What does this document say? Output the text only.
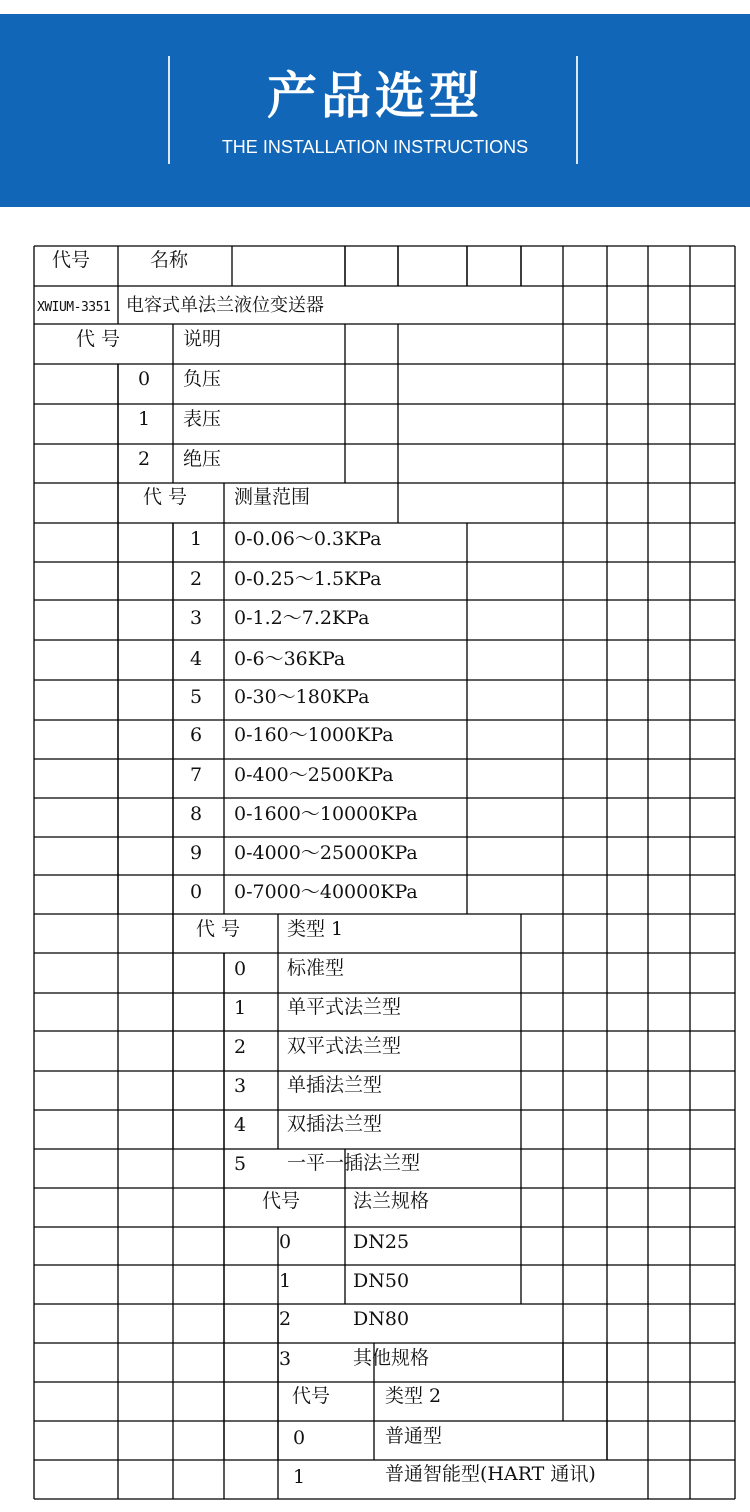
产品选型
THE INSTALLATION INSTRUCTIONS
代号	名称
XWIUM-3351 电容式单法兰液位变送器
代 号	说明
0 负压
1 表压
2 绝压
代 号 测量范围
1 0-0.06～0.3KPa
2 0-0.25～1.5KPa
3 0-1.2～7.2KPa
4 0-6～36KPa
5 0-30～180KPa
6 0-160～1000KPa
7 0-400～2500KPa
8 0-1600～10000KPa
9 0-4000～25000KPa
0 0-7000～40000KPa
代 号 类型 1
0 标准型
1 单平式法兰型
2 双平式法兰型
3 单插法兰型
4 双插法兰型
5 一平一插法兰型
代号	法兰规格
0	DN25
1	DN50
2	DN80
3	其他规格
代号	类型 2
0	普通型
1	普通智能型(HART 通讯)
